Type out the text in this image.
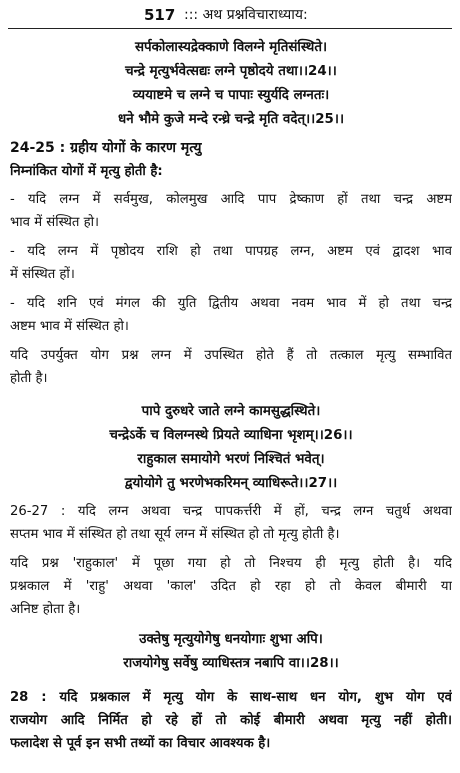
517 ::: अथ प्रश्नविचाराध्याय:
सर्पकोलास्यद्रेक्काणे विलग्ने मृतिसंस्थिते।
चन्द्रे मृत्युर्भवेत्सद्यः लग्ने पृष्ठोदये तथा।।24।।
व्ययाष्टमे च लग्ने च पापाः स्युर्यदि लग्नतः।
धने भौमे कुजे मन्दे रन्ध्रे चन्द्रे मृति वदेत्।।25।।
24-25 : ग्रहीय योगों के कारण मृत्यु
निम्नांकित योगों में मृत्यु होती है:
- यदि लग्न में सर्वमुख, कोलमुख आदि पाप द्रेष्काण हों तथा चन्द्र अष्टम
भाव में संस्थित हो।
- यदि लग्न में पृष्ठोदय राशि हो तथा पापग्रह लग्न, अष्टम एवं द्वादश भाव
में संस्थित हों।
- यदि शनि एवं मंगल की युति द्वितीय अथवा नवम भाव में हो तथा चन्द्र
अष्टम भाव में संस्थित हो।
यदि उपर्युक्त योग प्रश्न लग्न में उपस्थित होते हैं तो तत्काल मृत्यु सम्भावित
होती है।
पापे दुरुधरे जाते लग्ने कामसुद्धस्थिते।
चन्द्रेऽर्के च विलग्नस्थे प्रियते व्याधिना भृशम्।।26।।
राहुकाल समायोगे भरणं निश्चितं भवेत्।
द्वयोयोगे तु भरणेभकरिमन् व्याधिरूते।।27।।
26-27 : यदि लग्न अथवा चन्द्र पापकर्त्तरी में हों, चन्द्र लग्न चतुर्थ अथवा
सप्तम भाव में संस्थित हो तथा सूर्य लग्न में संस्थित हो तो मृत्यु होती है।
यदि प्रश्न 'राहुकाल' में पूछा गया हो तो निश्चय ही मृत्यु होती है। यदि
प्रश्नकाल में 'राहु' अथवा 'काल' उदित हो रहा हो तो केवल बीमारी या
अनिष्ट होता है।
उक्तेषु मृत्युयोगेषु धनयोगाः शुभा अपि।
राजयोगेषु सर्वेषु व्याधिस्तत्र नबापि वा।।28।।
28 : यदि प्रश्नकाल में मृत्यु योग के साथ-साथ धन योग, शुभ योग एवं
राजयोग आदि निर्मित हो रहे हों तो कोई बीमारी अथवा मृत्यु नहीं होती।
फलादेश से पूर्व इन सभी तथ्यों का विचार आवश्यक है।
